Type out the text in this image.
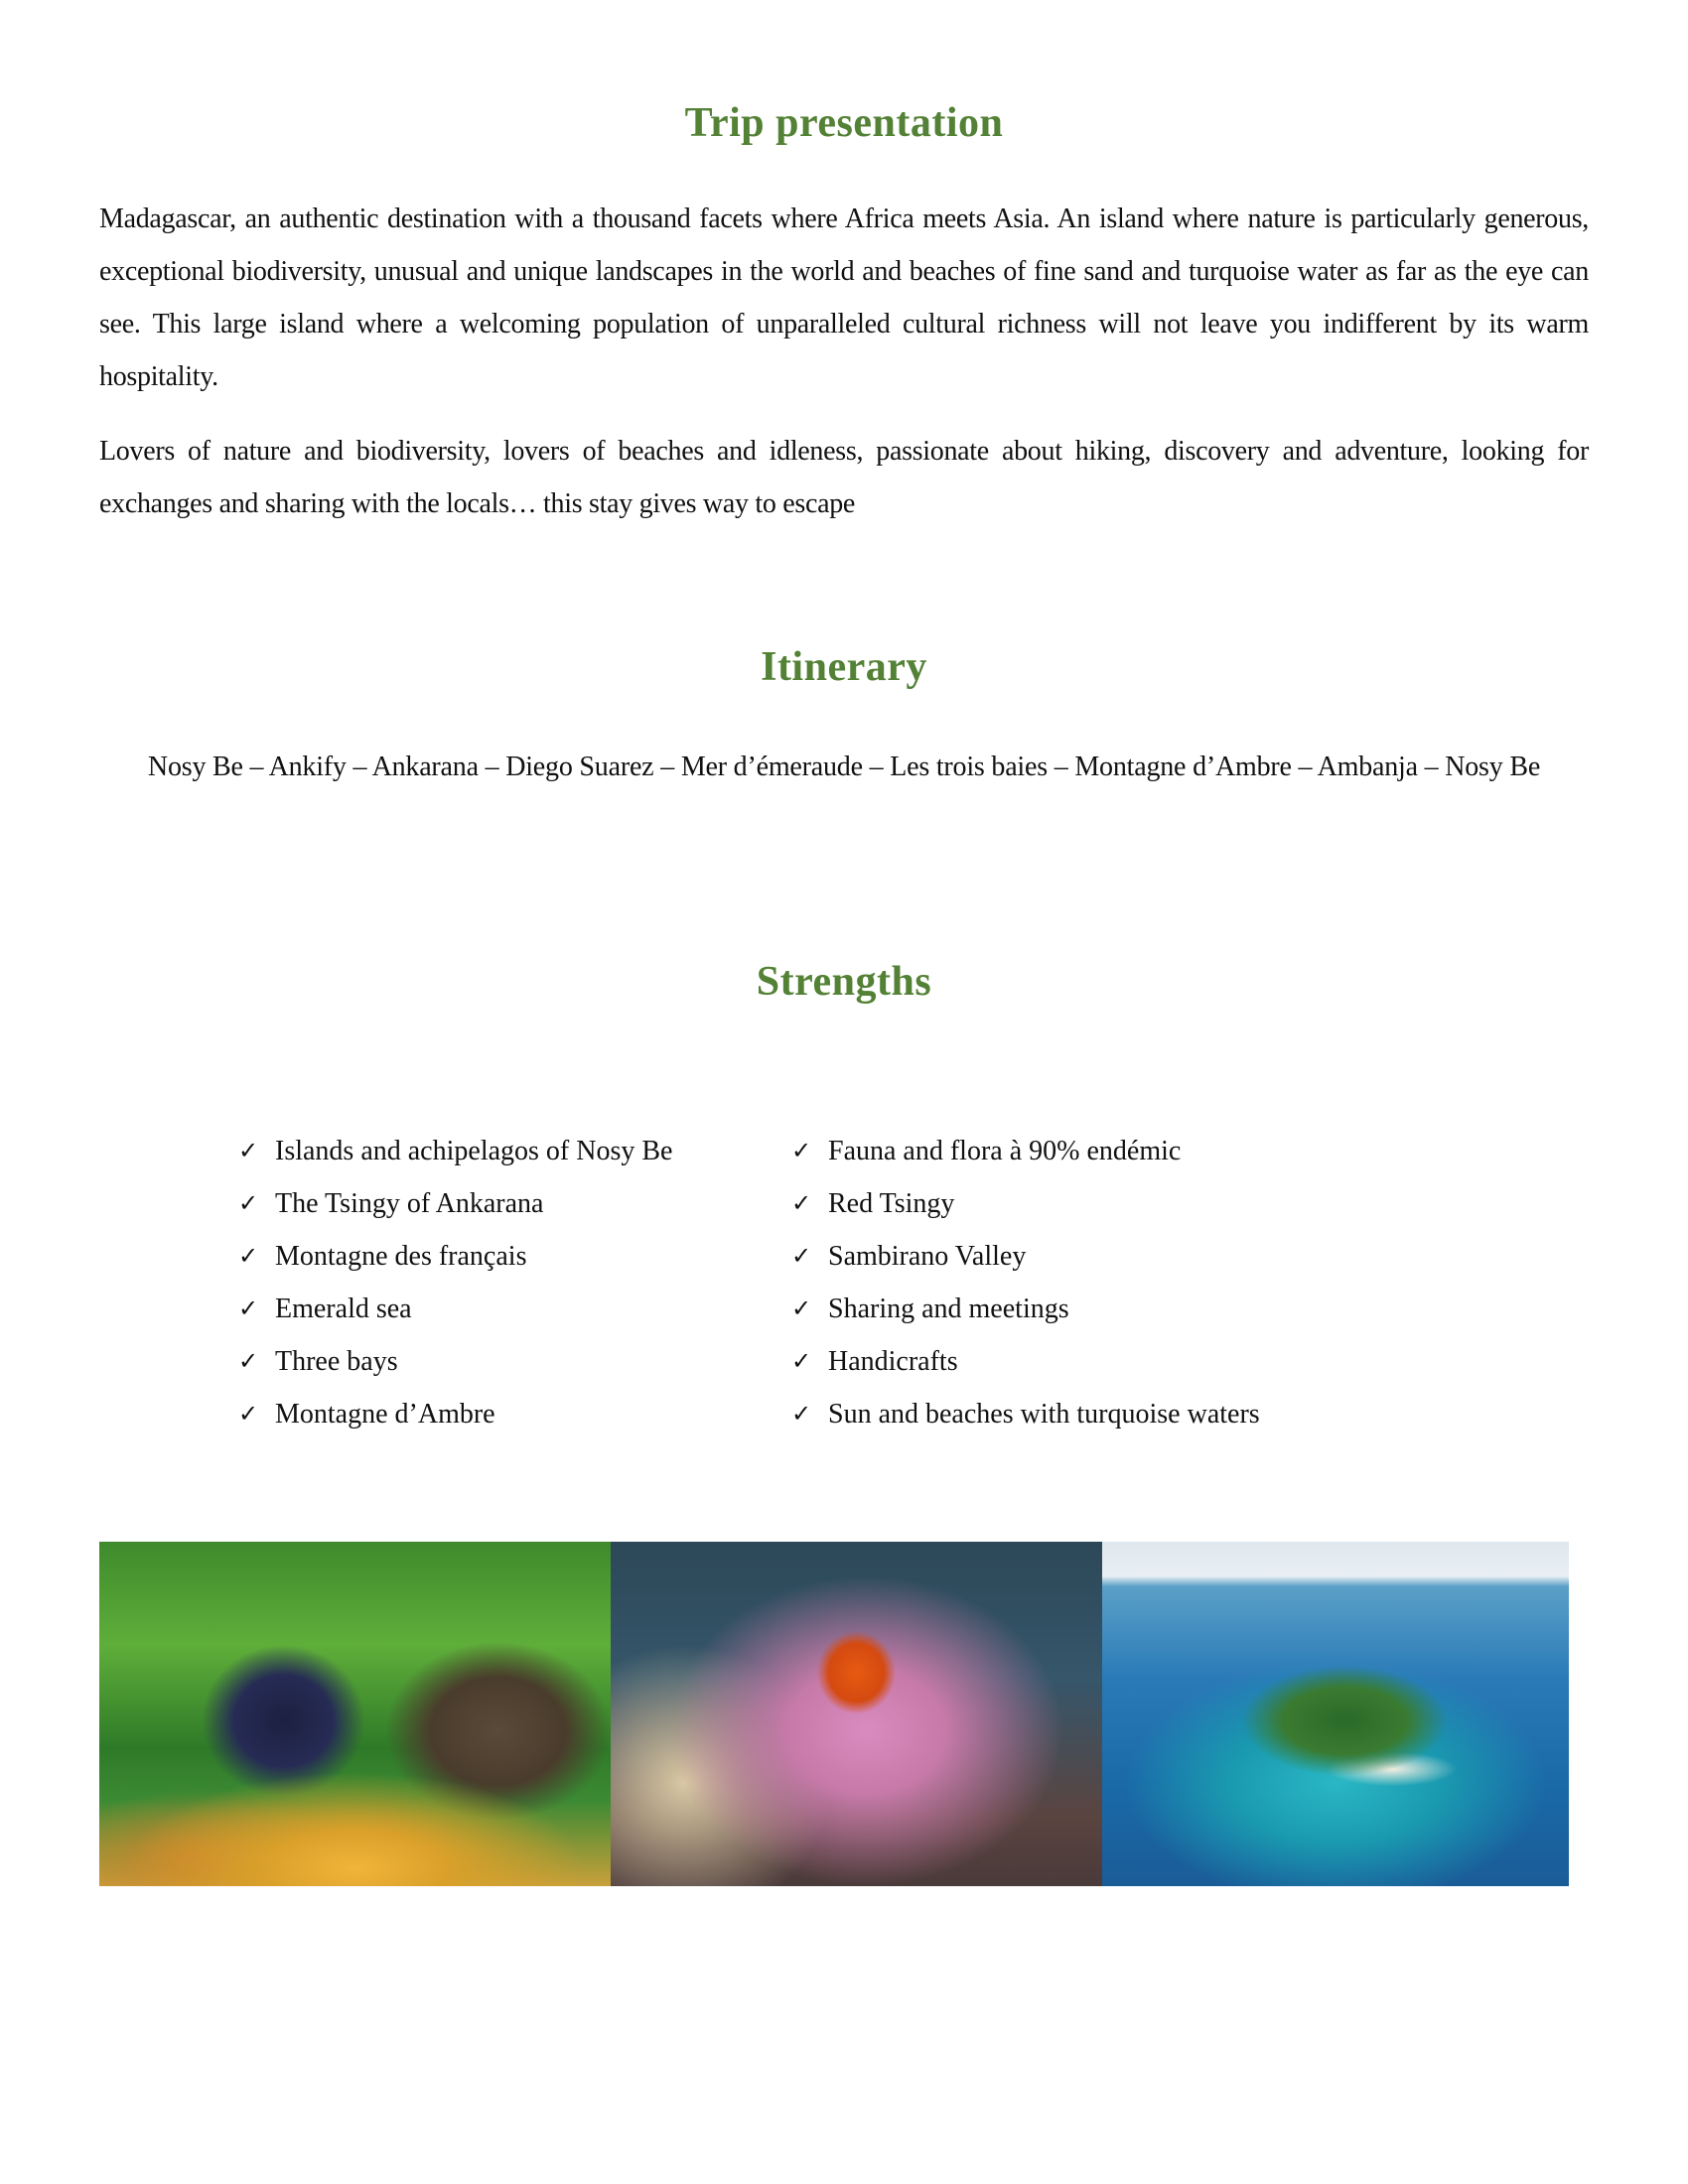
Trip presentation

Madagascar, an authentic destination with a thousand facets where Africa meets Asia. An island where nature is particularly generous, exceptional biodiversity, unusual and unique landscapes in the world and beaches of fine sand and turquoise water as far as the eye can see. This large island where a welcoming population of unparalleled cultural richness will not leave you indifferent by its warm hospitality.

Lovers of nature and biodiversity, lovers of beaches and idleness, passionate about hiking, discovery and adventure, looking for exchanges and sharing with the locals… this stay gives way to escape

Itinerary

Nosy Be – Ankify – Ankarana – Diego Suarez – Mer d’émeraude – Les trois baies – Montagne d’Ambre – Ambanja – Nosy Be

Strengths
✓ Islands and achipelagos of Nosy Be
✓ The Tsingy of Ankarana
✓ Montagne des français
✓ Emerald sea
✓ Three bays
✓ Montagne d’Ambre
✓ Fauna and flora à 90% endémic
✓ Red Tsingy
✓ Sambirano Valley
✓ Sharing and meetings
✓ Handicrafts
✓ Sun and beaches with turquoise waters
